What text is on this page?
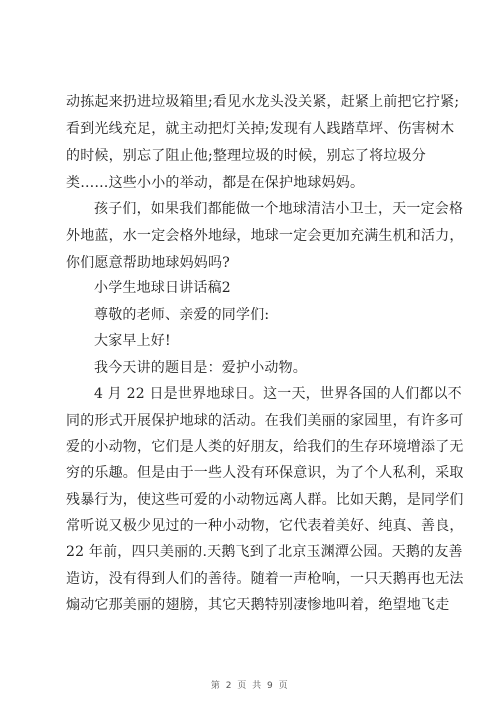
动拣起来扔进垃圾箱里;看见水龙头没关紧，赶紧上前把它拧紧;
看到光线充足，就主动把灯关掉;发现有人践踏草坪、伤害树木
的时候，别忘了阻止他;整理垃圾的时候，别忘了将垃圾分
类……这些小小的举动，都是在保护地球妈妈。
孩子们，如果我们都能做一个地球清洁小卫士，天一定会格
外地蓝，水一定会格外地绿，地球一定会更加充满生机和活力，
你们愿意帮助地球妈妈吗?
小学生地球日讲话稿2
尊敬的老师、亲爱的同学们:
大家早上好!
我今天讲的题目是：爱护小动物。
4 月 22 日是世界地球日。这一天，世界各国的人们都以不
同的形式开展保护地球的活动。在我们美丽的家园里，有许多可
爱的小动物，它们是人类的好朋友，给我们的生存环境增添了无
穷的乐趣。但是由于一些人没有环保意识，为了个人私利，采取
残暴行为，使这些可爱的小动物远离人群。比如天鹅，是同学们
常听说又极少见过的一种小动物，它代表着美好、纯真、善良，
22 年前，四只美丽的.天鹅飞到了北京玉渊潭公园。天鹅的友善
造访，没有得到人们的善待。随着一声枪响，一只天鹅再也无法
煽动它那美丽的翅膀，其它天鹅特别凄惨地叫着，绝望地飞走
第 2 页 共 9 页
